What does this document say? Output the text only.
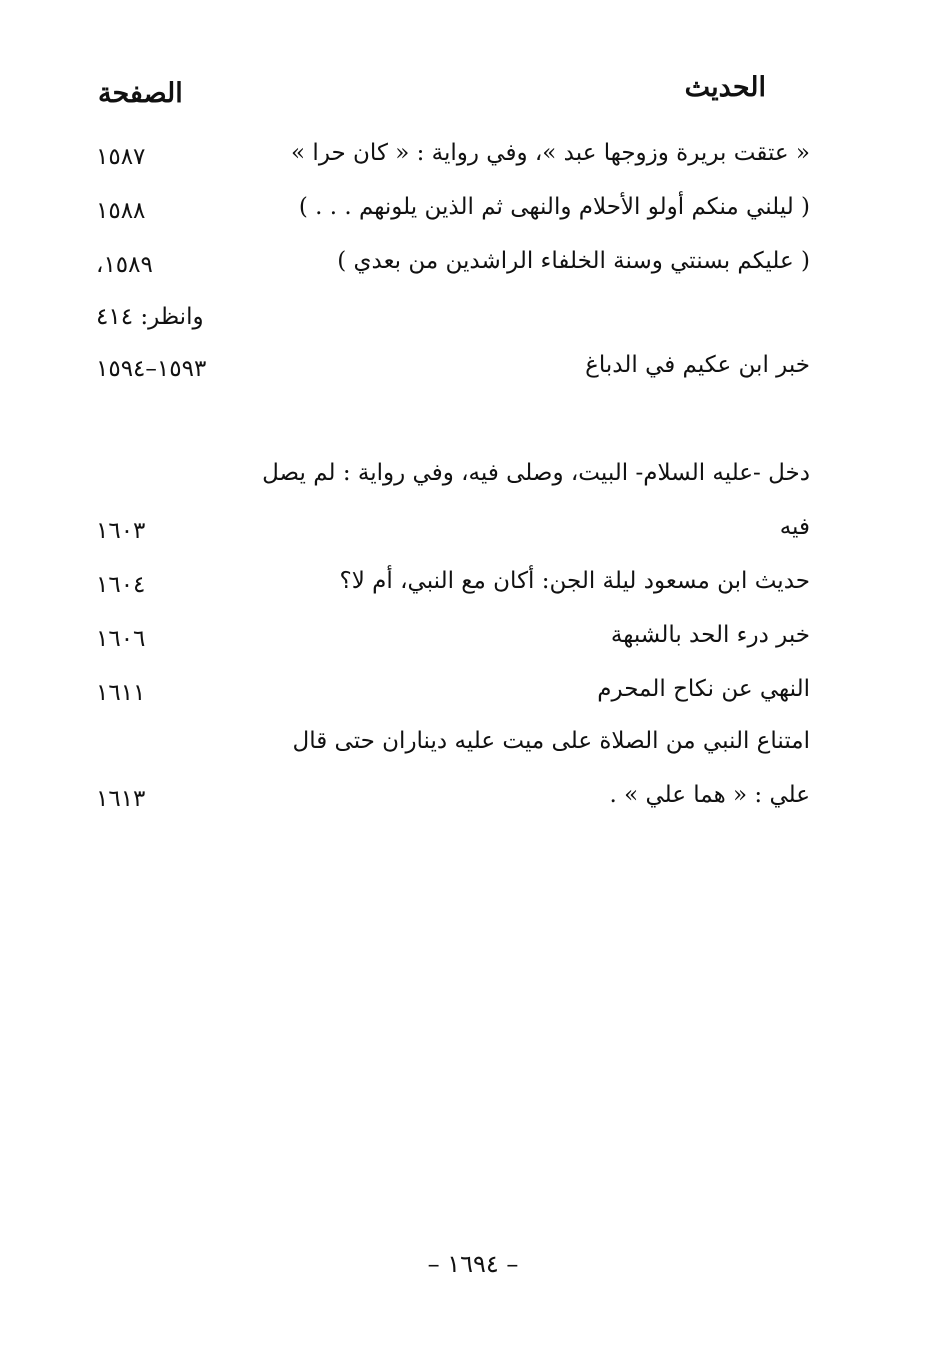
الحديث
الصفحة
« عتقت بريرة وزوجها عبد »، وفي رواية : « كان حرا »
١٥٨٧
( ليلني منكم أولو الأحلام والنهى ثم الذين يلونهم . . . )
١٥٨٨
( عليكم بسنتي وسنة الخلفاء الراشدين من بعدي )
١٥٨٩،
وانظر: ٤١٤
خبر ابن عكيم في الدباغ
١٥٩٣–١٥٩٤
دخل -عليه السلام- البيت، وصلى فيه، وفي رواية : لم يصل
فيه
١٦٠٣
حديث ابن مسعود ليلة الجن: أكان مع النبي، أم لا؟
١٦٠٤
خبر درء الحد بالشبهة
١٦٠٦
النهي عن نكاح المحرم
١٦١١
امتناع النبي من الصلاة على ميت عليه ديناران حتى قال
علي : « هما علي » .
١٦١٣
– ١٦٩٤ –
